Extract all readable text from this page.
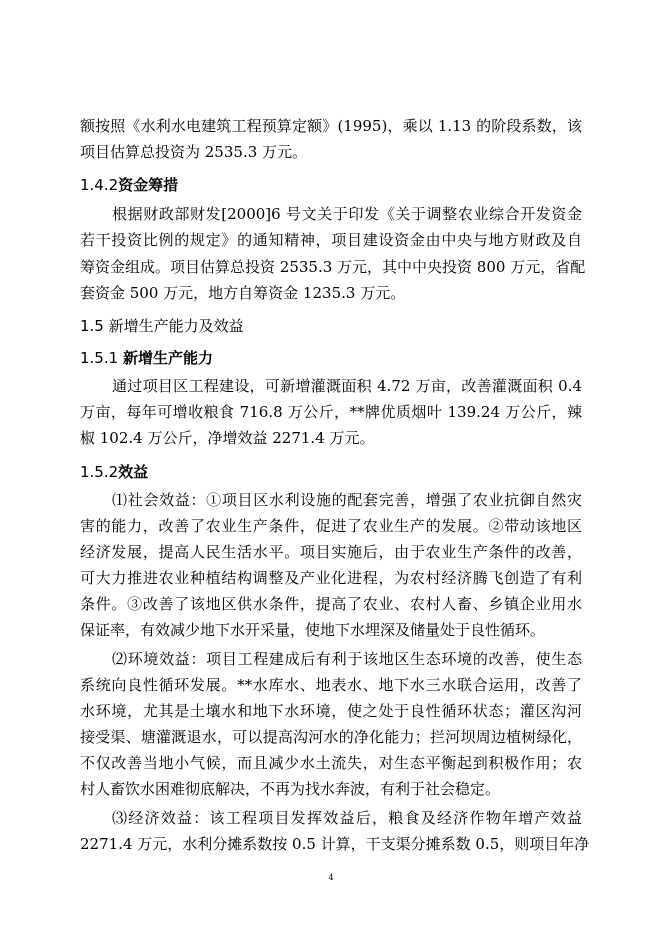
额按照《水利水电建筑工程预算定额》(1995)，乘以 1.13 的阶段系数，该
项目估算总投资为 2535.3 万元。
1.4.2资金筹措
根据财政部财发[2000]6 号文关于印发《关于调整农业综合开发资金
若干投资比例的规定》的通知精神，项目建设资金由中央与地方财政及自
筹资金组成。项目估算总投资 2535.3 万元，其中中央投资 800 万元，省配
套资金 500 万元，地方自筹资金 1235.3 万元。
1.5 新增生产能力及效益
1.5.1 新增生产能力
通过项目区工程建设，可新增灌溉面积 4.72 万亩，改善灌溉面积 0.4
万亩，每年可增收粮食 716.8 万公斤，**牌优质烟叶 139.24 万公斤，辣
椒 102.4 万公斤，净增效益 2271.4 万元。
1.5.2效益
⑴社会效益：①项目区水利设施的配套完善，增强了农业抗御自然灾
害的能力，改善了农业生产条件，促进了农业生产的发展。②带动该地区
经济发展，提高人民生活水平。项目实施后，由于农业生产条件的改善，
可大力推进农业种植结构调整及产业化进程，为农村经济腾飞创造了有利
条件。③改善了该地区供水条件，提高了农业、农村人畜、乡镇企业用水
保证率，有效减少地下水开采量，使地下水埋深及储量处于良性循环。
⑵环境效益：项目工程建成后有利于该地区生态环境的改善，使生态
系统向良性循环发展。**水库水、地表水、地下水三水联合运用，改善了
水环境，尤其是土壤水和地下水环境，使之处于良性循环状态；灌区沟河
接受渠、塘灌溉退水，可以提高沟河水的净化能力；拦河坝周边植树绿化，
不仅改善当地小气候，而且减少水土流失，对生态平衡起到积极作用；农
村人畜饮水困难彻底解决，不再为找水奔波，有利于社会稳定。
⑶经济效益：该工程项目发挥效益后，粮食及经济作物年增产效益
2271.4 万元，水利分摊系数按 0.5 计算，干支渠分摊系数 0.5，则项目年净
4
